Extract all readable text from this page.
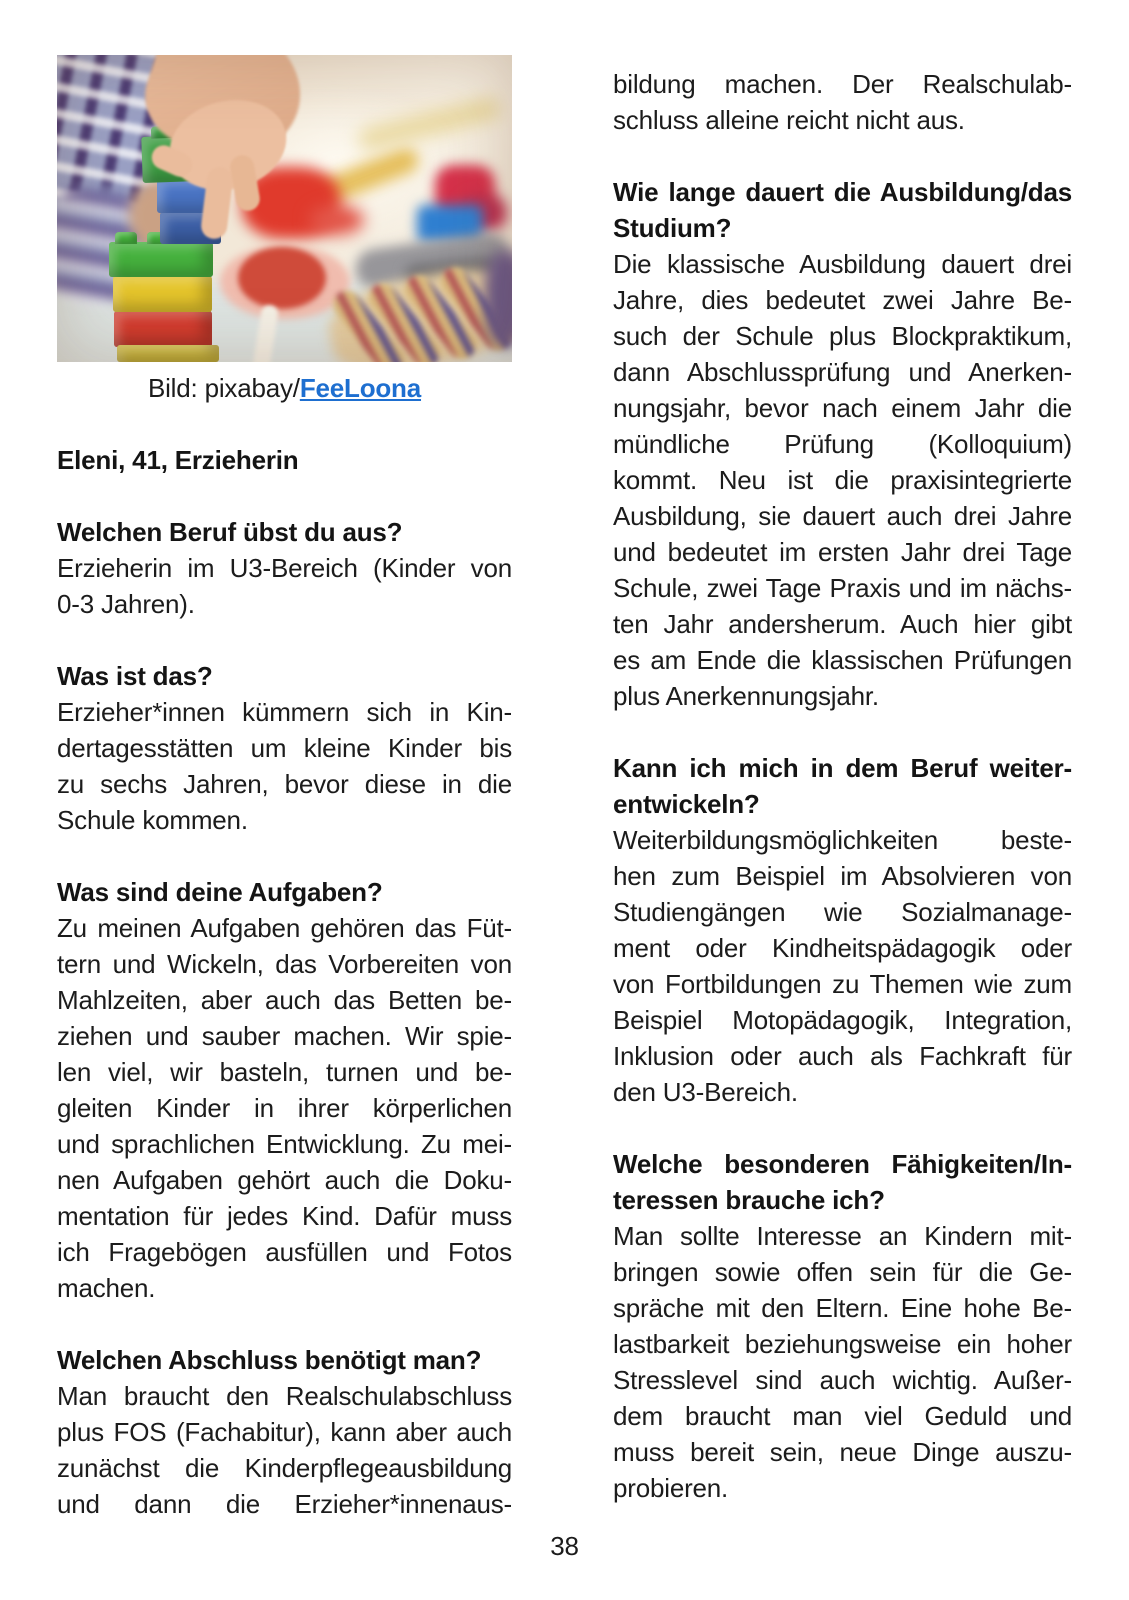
Bild: pixabay/FeeLoona
Eleni, 41, Erzieherin
Welchen Beruf übst du aus?
Erzieherin im U3-Bereich (Kinder von
0-3 Jahren).
Was ist das?
Erzieher*innen kümmern sich in Kin-
dertagesstätten um kleine Kinder bis
zu sechs Jahren, bevor diese in die
Schule kommen.
Was sind deine Aufgaben?
Zu meinen Aufgaben gehören das Füt-
tern und Wickeln, das Vorbereiten von
Mahlzeiten, aber auch das Betten be-
ziehen und sauber machen. Wir spie-
len viel, wir basteln, turnen und be-
gleiten Kinder in ihrer körperlichen
und sprachlichen Entwicklung. Zu mei-
nen Aufgaben gehört auch die Doku-
mentation für jedes Kind. Dafür muss
ich Fragebögen ausfüllen und Fotos
machen.
Welchen Abschluss benötigt man?
Man braucht den Realschulabschluss
plus FOS (Fachabitur), kann aber auch
zunächst die Kinderpflegeausbildung
und dann die Erzieher*innenaus-
bildung machen. Der Realschulab-
schluss alleine reicht nicht aus.
Wie lange dauert die Ausbildung/das
Studium?
Die klassische Ausbildung dauert drei
Jahre, dies bedeutet zwei Jahre Be-
such der Schule plus Blockpraktikum,
dann Abschlussprüfung und Anerken-
nungsjahr, bevor nach einem Jahr die
mündliche Prüfung (Kolloquium)
kommt. Neu ist die praxisintegrierte
Ausbildung, sie dauert auch drei Jahre
und bedeutet im ersten Jahr drei Tage
Schule, zwei Tage Praxis und im nächs-
ten Jahr andersherum. Auch hier gibt
es am Ende die klassischen Prüfungen
plus Anerkennungsjahr.
Kann ich mich in dem Beruf weiter-
entwickeln?
Weiterbildungsmöglichkeiten beste-
hen zum Beispiel im Absolvieren von
Studiengängen wie Sozialmanage-
ment oder Kindheitspädagogik oder
von Fortbildungen zu Themen wie zum
Beispiel Motopädagogik, Integration,
Inklusion oder auch als Fachkraft für
den U3-Bereich.
Welche besonderen Fähigkeiten/In-
teressen brauche ich?
Man sollte Interesse an Kindern mit-
bringen sowie offen sein für die Ge-
spräche mit den Eltern. Eine hohe Be-
lastbarkeit beziehungsweise ein hoher
Stresslevel sind auch wichtig. Außer-
dem braucht man viel Geduld und
muss bereit sein, neue Dinge auszu-
probieren.
38
